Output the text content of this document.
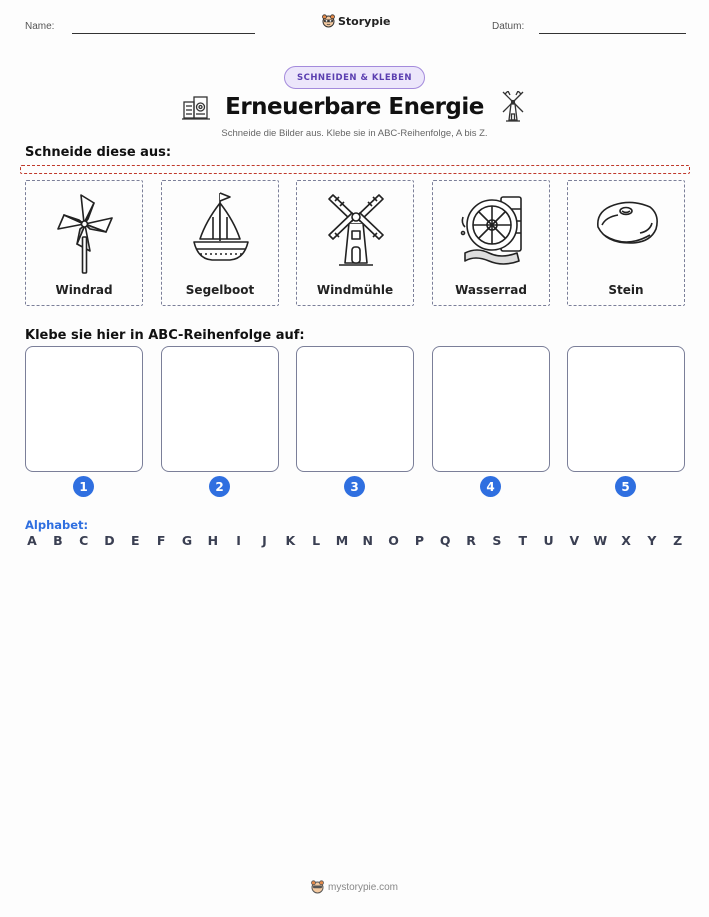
Name:	Storypie	Datum:
SCHNEIDEN & KLEBEN
Erneuerbare Energie
Schneide die Bilder aus. Klebe sie in ABC-Reihenfolge, A bis Z.
Schneide diese aus:
Windrad	Segelboot	Windmühle	Wasserrad	Stein
Klebe sie hier in ABC-Reihenfolge auf:
1	2	3	4	5
Alphabet:
A B C D E F G H	I	J	K L M N O P Q R S T U V W X Y Z
mystorypie.com
